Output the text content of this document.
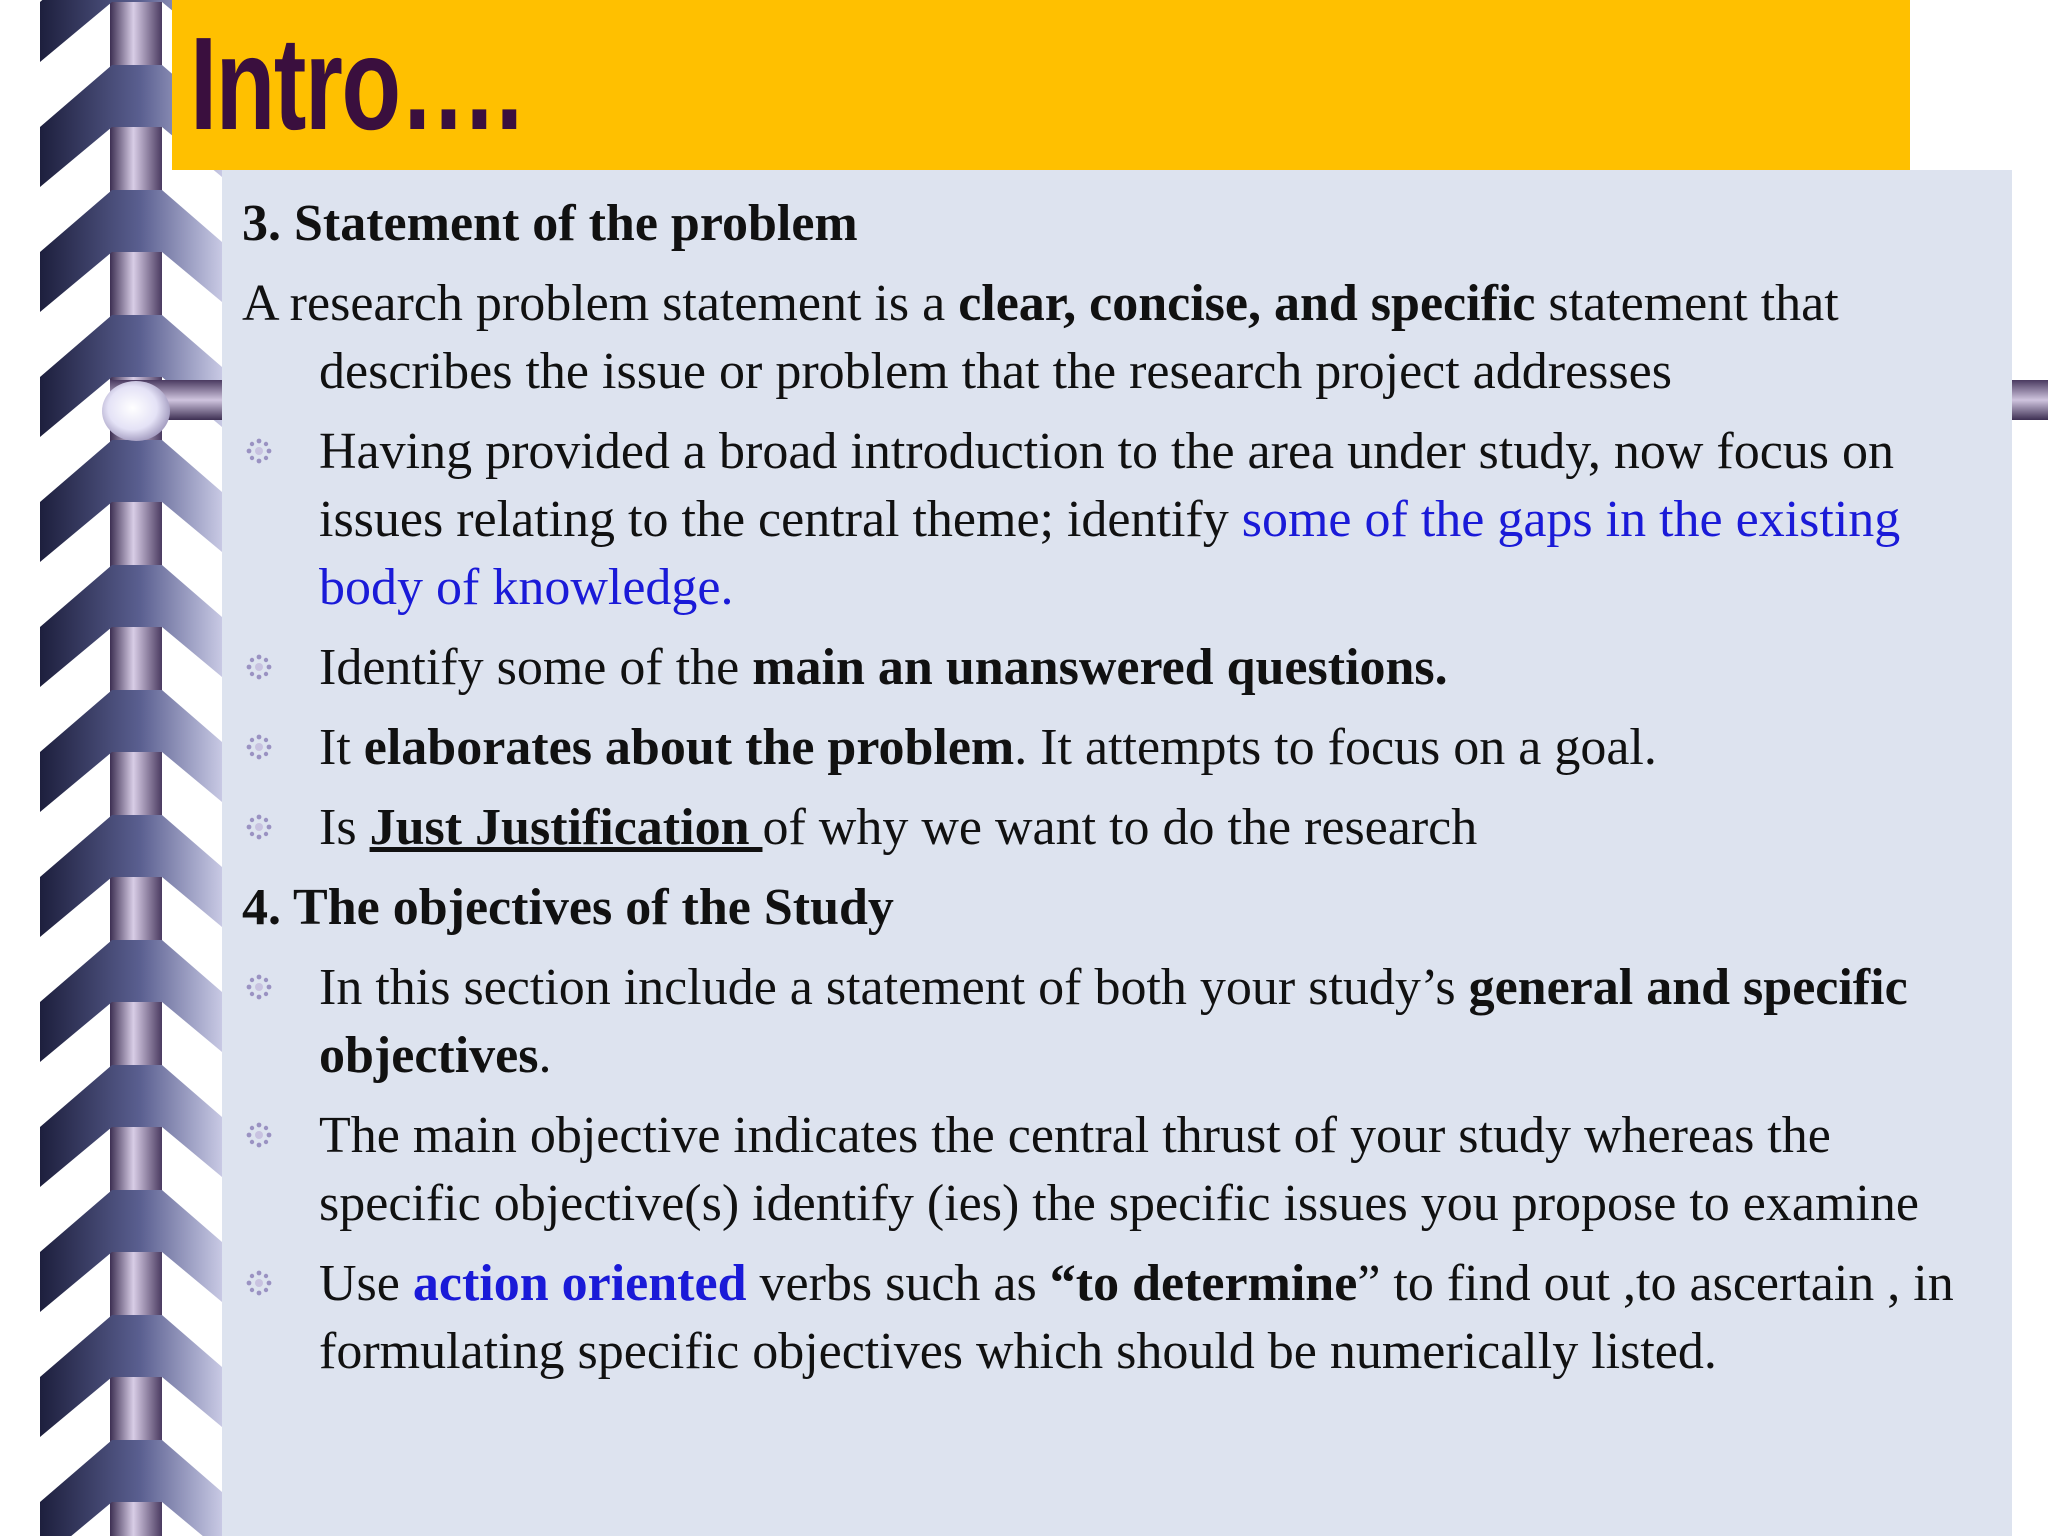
Intro….

3. Statement of the problem

A research problem statement is a clear, concise, and specific statement that describes the issue or problem that the research project addresses

Having provided a broad introduction to the area under study, now focus on issues relating to the central theme; identify some of the gaps in the existing body of knowledge.
Identify some of the main an unanswered questions.
It elaborates about the problem. It attempts to focus on a goal.
Is Just Justification of why we want to do the research

4. The objectives of the Study

In this section include a statement of both your study’s general and specific objectives.
The main objective indicates the central thrust of your study whereas the specific objective(s) identify (ies) the specific issues you propose to examine
Use action oriented verbs such as “to determine” to find out ,to ascertain , in formulating specific objectives which should be numerically listed.
